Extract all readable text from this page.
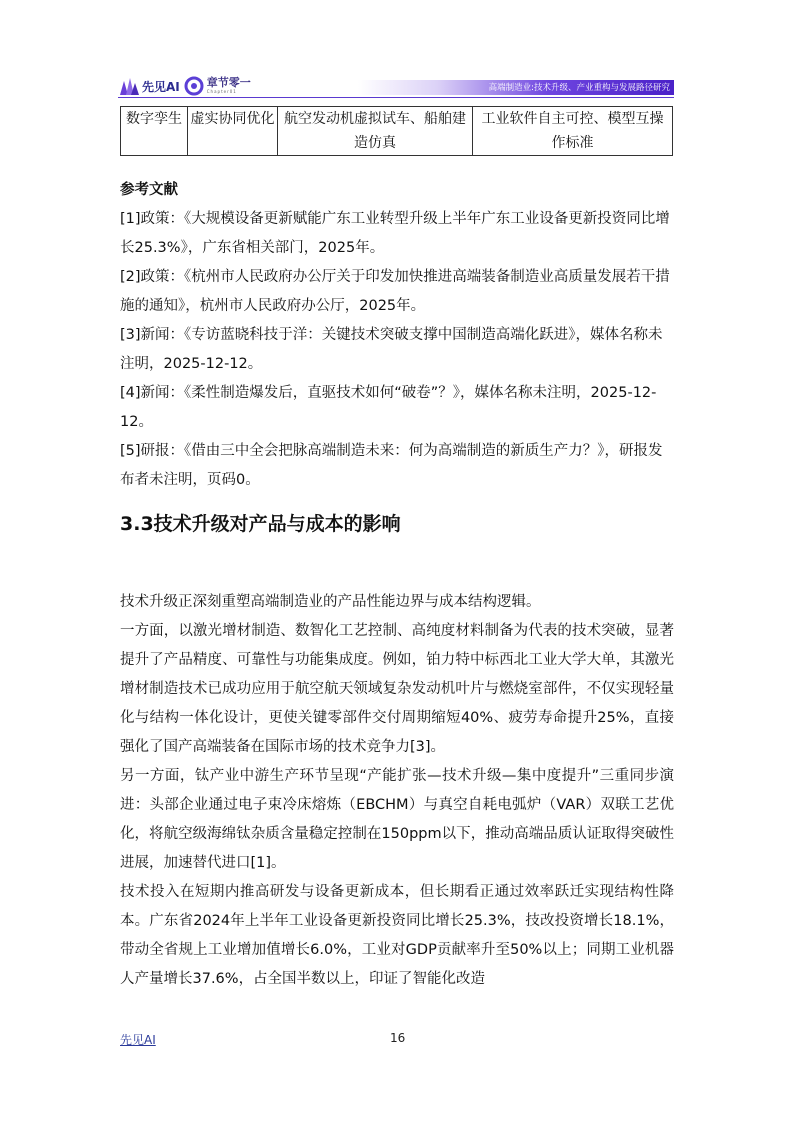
先见AI 章节零一
Chapter01	高端制造业:技术升级、产业重构与发展路径研究
数字孪生	虚实协同优化	航空发动机虚拟试车、船舶建造仿真	工业软件自主可控、模型互操作标准
参考文献

[1]政策：《大规模设备更新赋能广东工业转型升级上半年广东工业设备更新投资同比增长25.3%》，广东省相关部门，2025年。

[2]政策：《杭州市人民政府办公厅关于印发加快推进高端装备制造业高质量发展若干措施的通知》，杭州市人民政府办公厅，2025年。

[3]新闻：《专访蓝晓科技于洋：关键技术突破支撑中国制造高端化跃进》，媒体名称未注明，2025-12-12。

[4]新闻：《柔性制造爆发后，直驱技术如何“破卷”？》，媒体名称未注明，2025-12-12。

[5]研报：《借由三中全会把脉高端制造未来：何为高端制造的新质生产力？》，研报发布者未注明，页码0。

3.3技术升级对产品与成本的影响

技术升级正深刻重塑高端制造业的产品性能边界与成本结构逻辑。

一方面，以激光增材制造、数智化工艺控制、高纯度材料制备为代表的技术突破，显著提升了产品精度、可靠性与功能集成度。例如，铂力特中标西北工业大学大单，其激光增材制造技术已成功应用于航空航天领域复杂发动机叶片与燃烧室部件，不仅实现轻量化与结构一体化设计，更使关键零部件交付周期缩短40%、疲劳寿命提升25%，直接强化了国产高端装备在国际市场的技术竞争力[3]。

另一方面，钛产业中游生产环节呈现“产能扩张—技术升级—集中度提升”三重同步演进：头部企业通过电子束冷床熔炼（EBCHM）与真空自耗电弧炉（VAR）双联工艺优化，将航空级海绵钛杂质含量稳定控制在150ppm以下，推动高端品质认证取得突破性进展，加速替代进口[1]。

技术投入在短期内推高研发与设备更新成本，但长期看正通过效率跃迁实现结构性降本。广东省2024年上半年工业设备更新投资同比增长25.3%，技改投资增长18.1%，带动全省规上工业增加值增长6.0%，工业对GDP贡献率升至50%以上；同期工业机器人产量增长37.6%，占全国半数以上，印证了智能化改造

先见AI	16
